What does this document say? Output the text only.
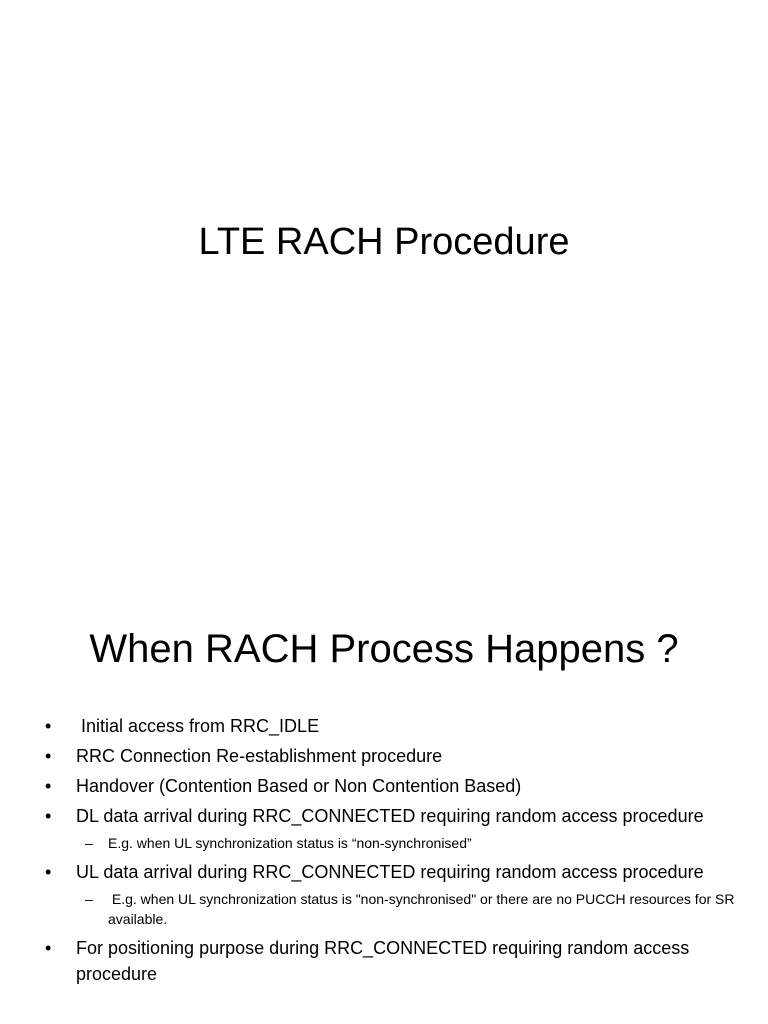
LTE RACH Procedure
When RACH Process Happens ?
• Initial access from RRC_IDLE
• RRC Connection Re-establishment procedure
• Handover (Contention Based or Non Contention Based)
• DL data arrival during RRC_CONNECTED requiring random access procedure
– E.g. when UL synchronization status is “non-synchronised”
• UL data arrival during RRC_CONNECTED requiring random access procedure
– E.g. when UL synchronization status is "non-synchronised" or there are no PUCCH resources for SR available.
• For positioning purpose during RRC_CONNECTED requiring random access procedure
